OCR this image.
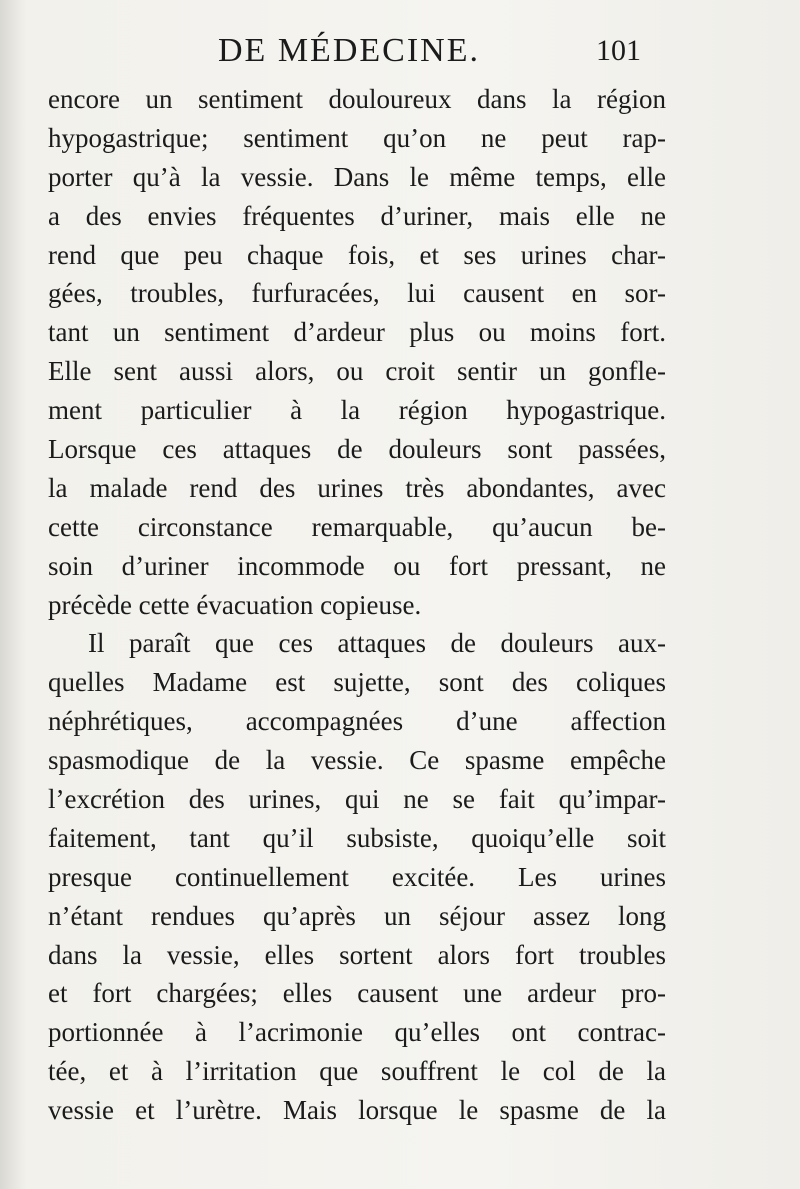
DE MÉDECINE.	101
encore un sentiment douloureux dans la région
hypogastrique; sentiment qu’on ne peut rap-
porter qu’à la vessie. Dans le même temps, elle
a des envies fréquentes d’uriner, mais elle ne
rend que peu chaque fois, et ses urines char-
gées, troubles, furfuracées, lui causent en sor-
tant un sentiment d’ardeur plus ou moins fort.
Elle sent aussi alors, ou croit sentir un gonfle-
ment particulier à la région hypogastrique.
Lorsque ces attaques de douleurs sont passées,
la malade rend des urines très abondantes, avec
cette circonstance remarquable, qu’aucun be-
soin d’uriner incommode ou fort pressant, ne
précède cette évacuation copieuse.
Il paraît que ces attaques de douleurs aux-
quelles Madame est sujette, sont des coliques
néphrétiques, accompagnées d’une affection
spasmodique de la vessie. Ce spasme empêche
l’excrétion des urines, qui ne se fait qu’impar-
faitement, tant qu’il subsiste, quoiqu’elle soit
presque continuellement excitée. Les urines
n’étant rendues qu’après un séjour assez long
dans la vessie, elles sortent alors fort troubles
et fort chargées; elles causent une ardeur pro-
portionnée à l’acrimonie qu’elles ont contrac-
tée, et à l’irritation que souffrent le col de la
vessie et l’urètre. Mais lorsque le spasme de la
